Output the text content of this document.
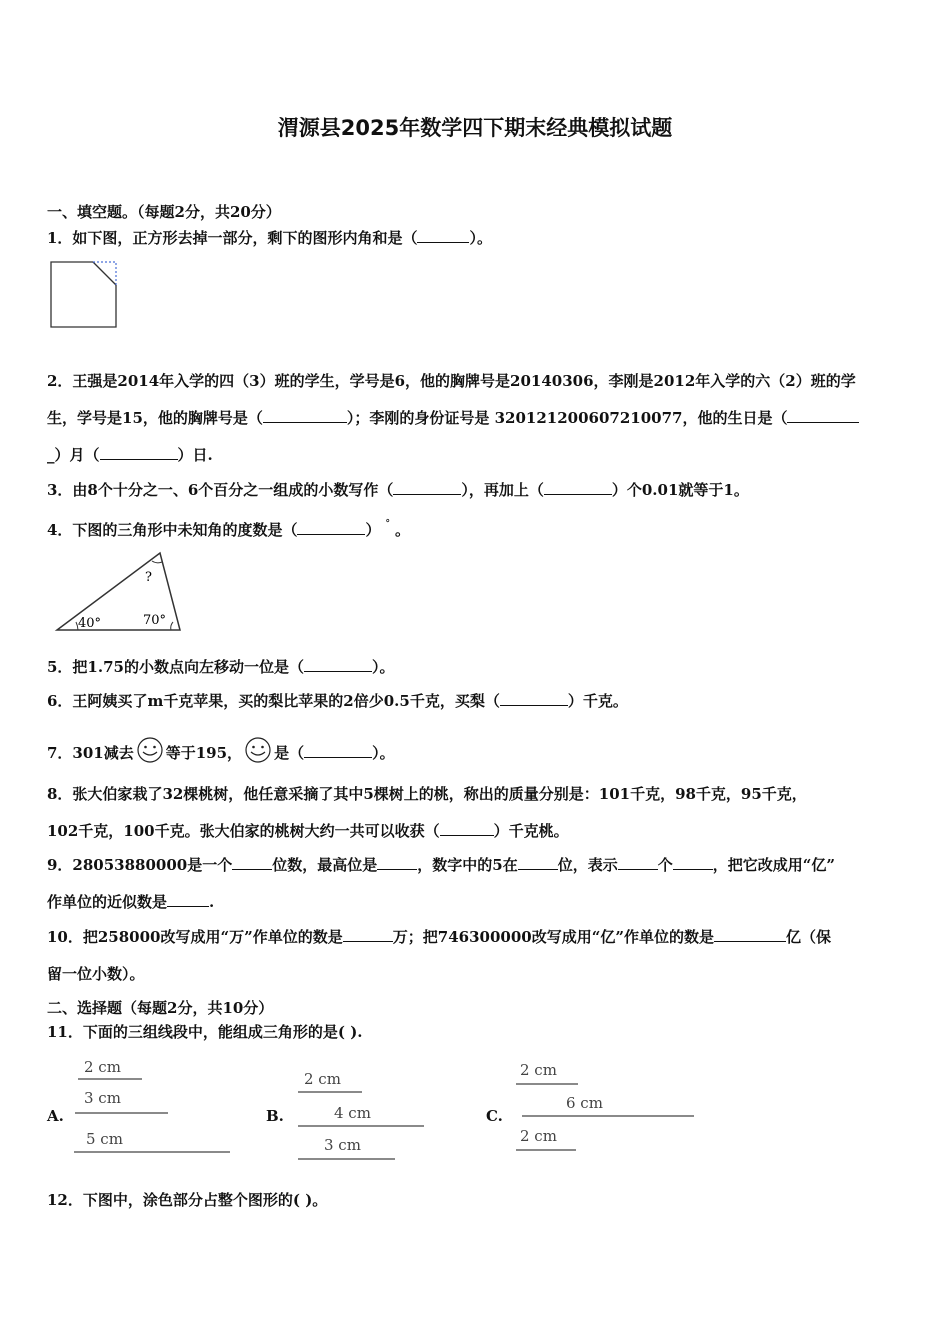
渭源县2025年数学四下期末经典模拟试题
一、填空题。（每题2分，共20分）
1．如下图，正方形去掉一部分，剩下的图形内角和是（	）。
2．王强是2014年入学的四（3）班的学生，学号是6，他的胸牌号是20140306，李刚是2012年入学的六（2）班的学
生，学号是15，他的胸牌号是（	）；李刚的身份证号是 320121200607210077，他的生日是（
_）月（	）日.
3．由8个十分之一、6个百分之一组成的小数写作（	），再加上（	）个0.01就等于1。
4．下图的三角形中未知角的度数是（	） ° 。
40°	70°
?
5．把1.75的小数点向左移动一位是（	）。
6．王阿姨买了m千克苹果，买的梨比苹果的2倍少0.5千克，买梨（	）千克。
7．301减去 等于195， 是（	）。
8．张大伯家栽了32棵桃树，他任意采摘了其中5棵树上的桃，称出的质量分别是：101千克，98千克，95千克，
102千克，100千克。张大伯家的桃树大约一共可以收获（	）千克桃。
9．28053880000是一个	位数，最高位是	，数字中的5在	位，表示	个	，把它改成用“亿”
作单位的近似数是	.
10．把258000改写成用“万”作单位的数是	万；把746300000改写成用“亿”作单位的数是	亿（保
留一位小数）。
二、选择题（每题2分，共10分）
11．下面的三组线段中，能组成三角形的是( ).
A.
2 cm
3 cm
5 cm
B.
2 cm
4 cm
3 cm
C.
2 cm
6 cm
2 cm
12．下图中，涂色部分占整个图形的( )。
